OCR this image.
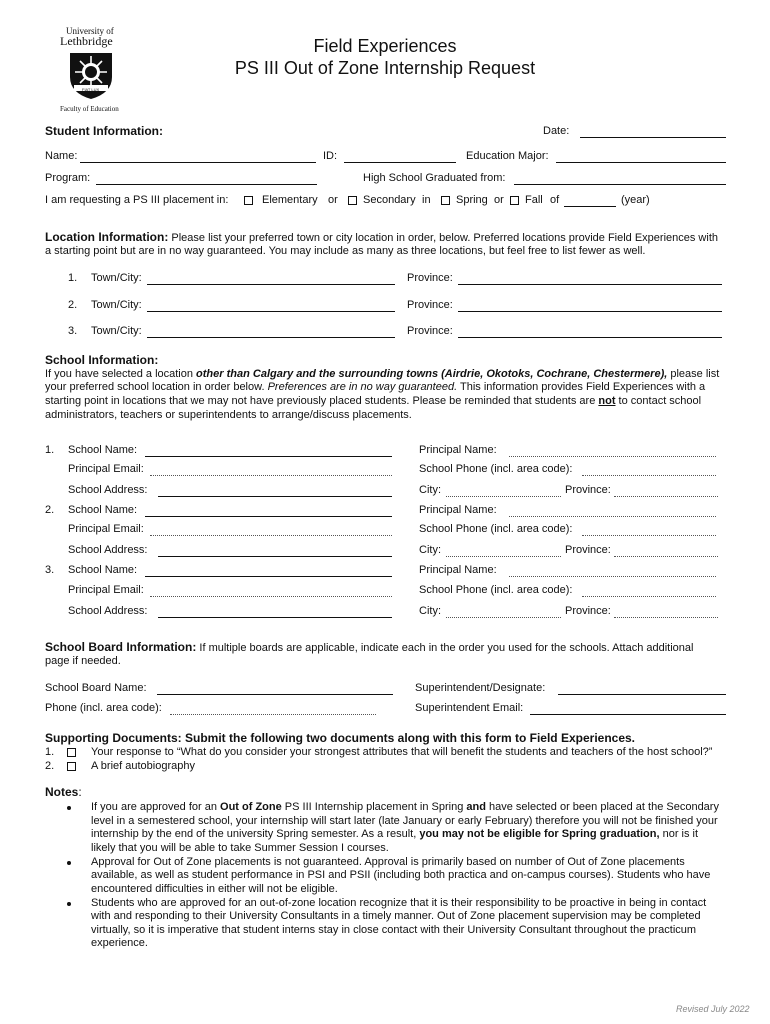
University of
Lethbridge
FIAT LUX
Faculty of Education
Field Experiences
PS III Out of Zone Internship Request
Student Information:	Date:
Name:	ID:	Education Major:
Program:	High School Graduated from:
I am requesting a PS III placement in:	Elementary or Secondary in Spring or Fall of	(year)
Location Information: Please list your preferred town or city location in order, below. Preferred locations provide Field Experiences with
a starting point but are in no way guaranteed. You may include as many as three locations, but feel free to list fewer as well.
1. Town/City:	Province:
2. Town/City:	Province:
3. Town/City:	Province:
School Information:
If you have selected a location other than Calgary and the surrounding towns (Airdrie, Okotoks, Cochrane, Chestermere), please list
your preferred school location in order below. Preferences are in no way guaranteed. This information provides Field Experiences with a
starting point in locations that we may not have previously placed students. Please be reminded that students are not to contact school
administrators, teachers or superintendents to arrange/discuss placements.
1. School Name:	Principal Name:
Principal Email:	School Phone (incl. area code):
School Address:	City:	Province:
2. School Name:	Principal Name:
Principal Email:	School Phone (incl. area code):
School Address:	City:	Province:
3. School Name:	Principal Name:
Principal Email:	School Phone (incl. area code):
School Address:	City:	Province:
School Board Information: If multiple boards are applicable, indicate each in the order you used for the schools. Attach additional
page if needed.
School Board Name:	Superintendent/Designate:
Phone (incl. area code):	Superintendent Email:
Supporting Documents: Submit the following two documents along with this form to Field Experiences.
1.	Your response to “What do you consider your strongest attributes that will benefit the students and teachers of the host school?”
2.	A brief autobiography
Notes:
If you are approved for an Out of Zone PS III Internship placement in Spring and have selected or been placed at the Secondary
level in a semestered school, your internship will start later (late January or early February) therefore you will not be finished your
internship by the end of the university Spring semester. As a result, you may not be eligible for Spring graduation, nor is it
likely that you will be able to take Summer Session I courses.
Approval for Out of Zone placements is not guaranteed. Approval is primarily based on number of Out of Zone placements
available, as well as student performance in PSI and PSII (including both practica and on-campus courses). Students who have
encountered difficulties in either will not be eligible.
Students who are approved for an out-of-zone location recognize that it is their responsibility to be proactive in being in contact
with and responding to their University Consultants in a timely manner. Out of Zone placement supervision may be completed
virtually, so it is imperative that student interns stay in close contact with their University Consultant throughout the practicum
experience.
Revised July 2022
